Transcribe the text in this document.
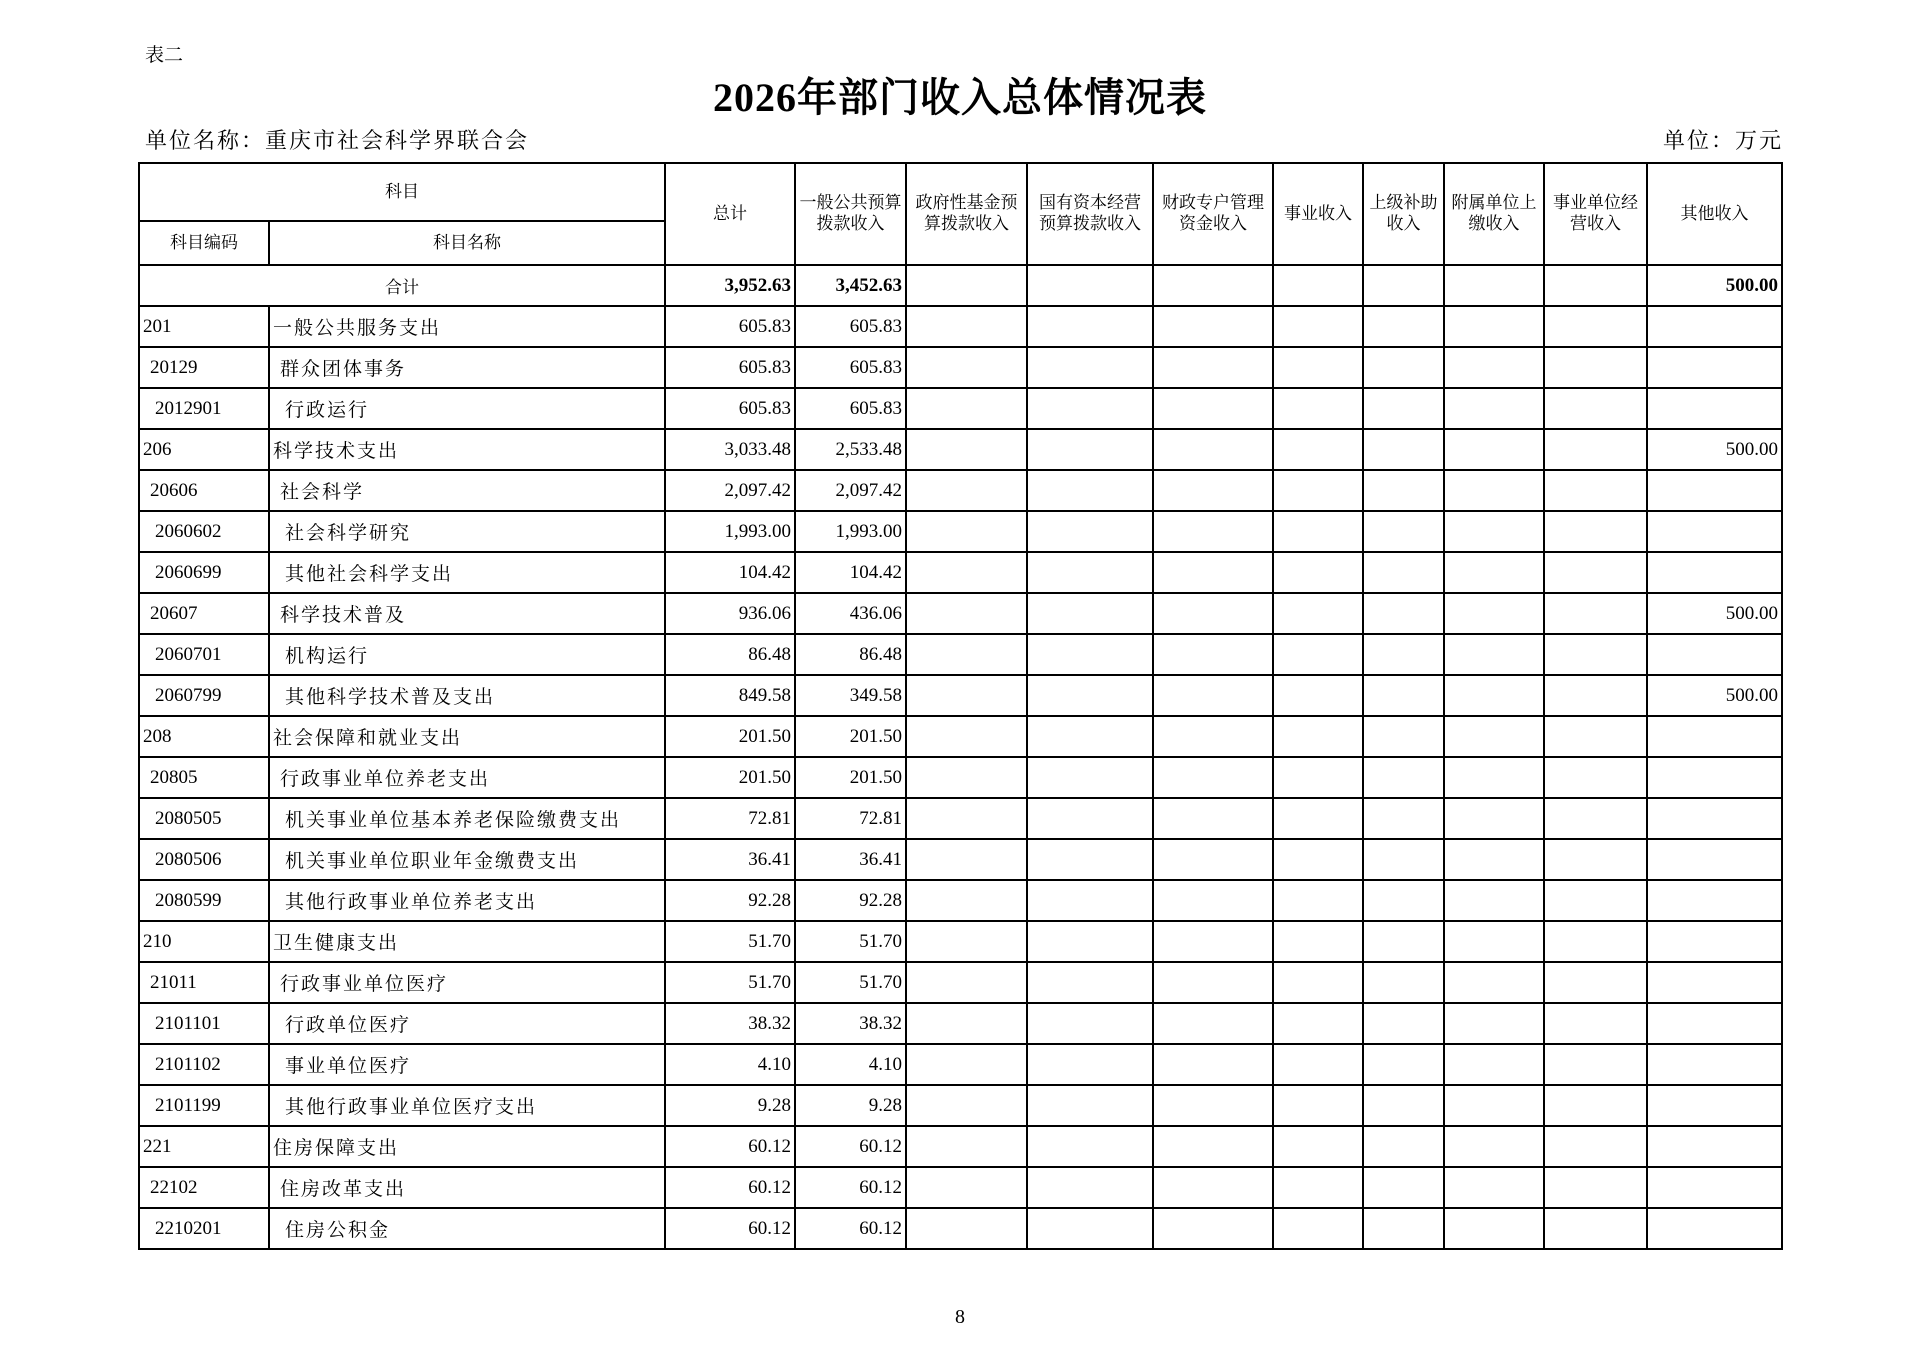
表二
2026年部门收入总体情况表
单位名称：重庆市社会科学界联合会	单位：万元
科目		总计	一般公共预算拨款收入	政府性基金预算拨款收入	国有资本经营预算拨款收入	财政专户管理资金收入	事业收入	上级补助收入	附属单位上缴收入	事业单位经营收入	其他收入
科目编码	科目名称										
合计		3,952.63	3,452.63								500.00
201	一般公共服务支出	605.83	605.83								
20129	群众团体事务	605.83	605.83								
2012901	行政运行	605.83	605.83								
206	科学技术支出	3,033.48	2,533.48								500.00
20606	社会科学	2,097.42	2,097.42								
2060602	社会科学研究	1,993.00	1,993.00								
2060699	其他社会科学支出	104.42	104.42								
20607	科学技术普及	936.06	436.06								500.00
2060701	机构运行	86.48	86.48								
2060799	其他科学技术普及支出	849.58	349.58								500.00
208	社会保障和就业支出	201.50	201.50								
20805	行政事业单位养老支出	201.50	201.50								
2080505	机关事业单位基本养老保险缴费支出	72.81	72.81								
2080506	机关事业单位职业年金缴费支出	36.41	36.41								
2080599	其他行政事业单位养老支出	92.28	92.28								
210	卫生健康支出	51.70	51.70								
21011	行政事业单位医疗	51.70	51.70								
2101101	行政单位医疗	38.32	38.32								
2101102	事业单位医疗	4.10	4.10								
2101199	其他行政事业单位医疗支出	9.28	9.28								
221	住房保障支出	60.12	60.12								
22102	住房改革支出	60.12	60.12								
2210201	住房公积金	60.12	60.12								
8
